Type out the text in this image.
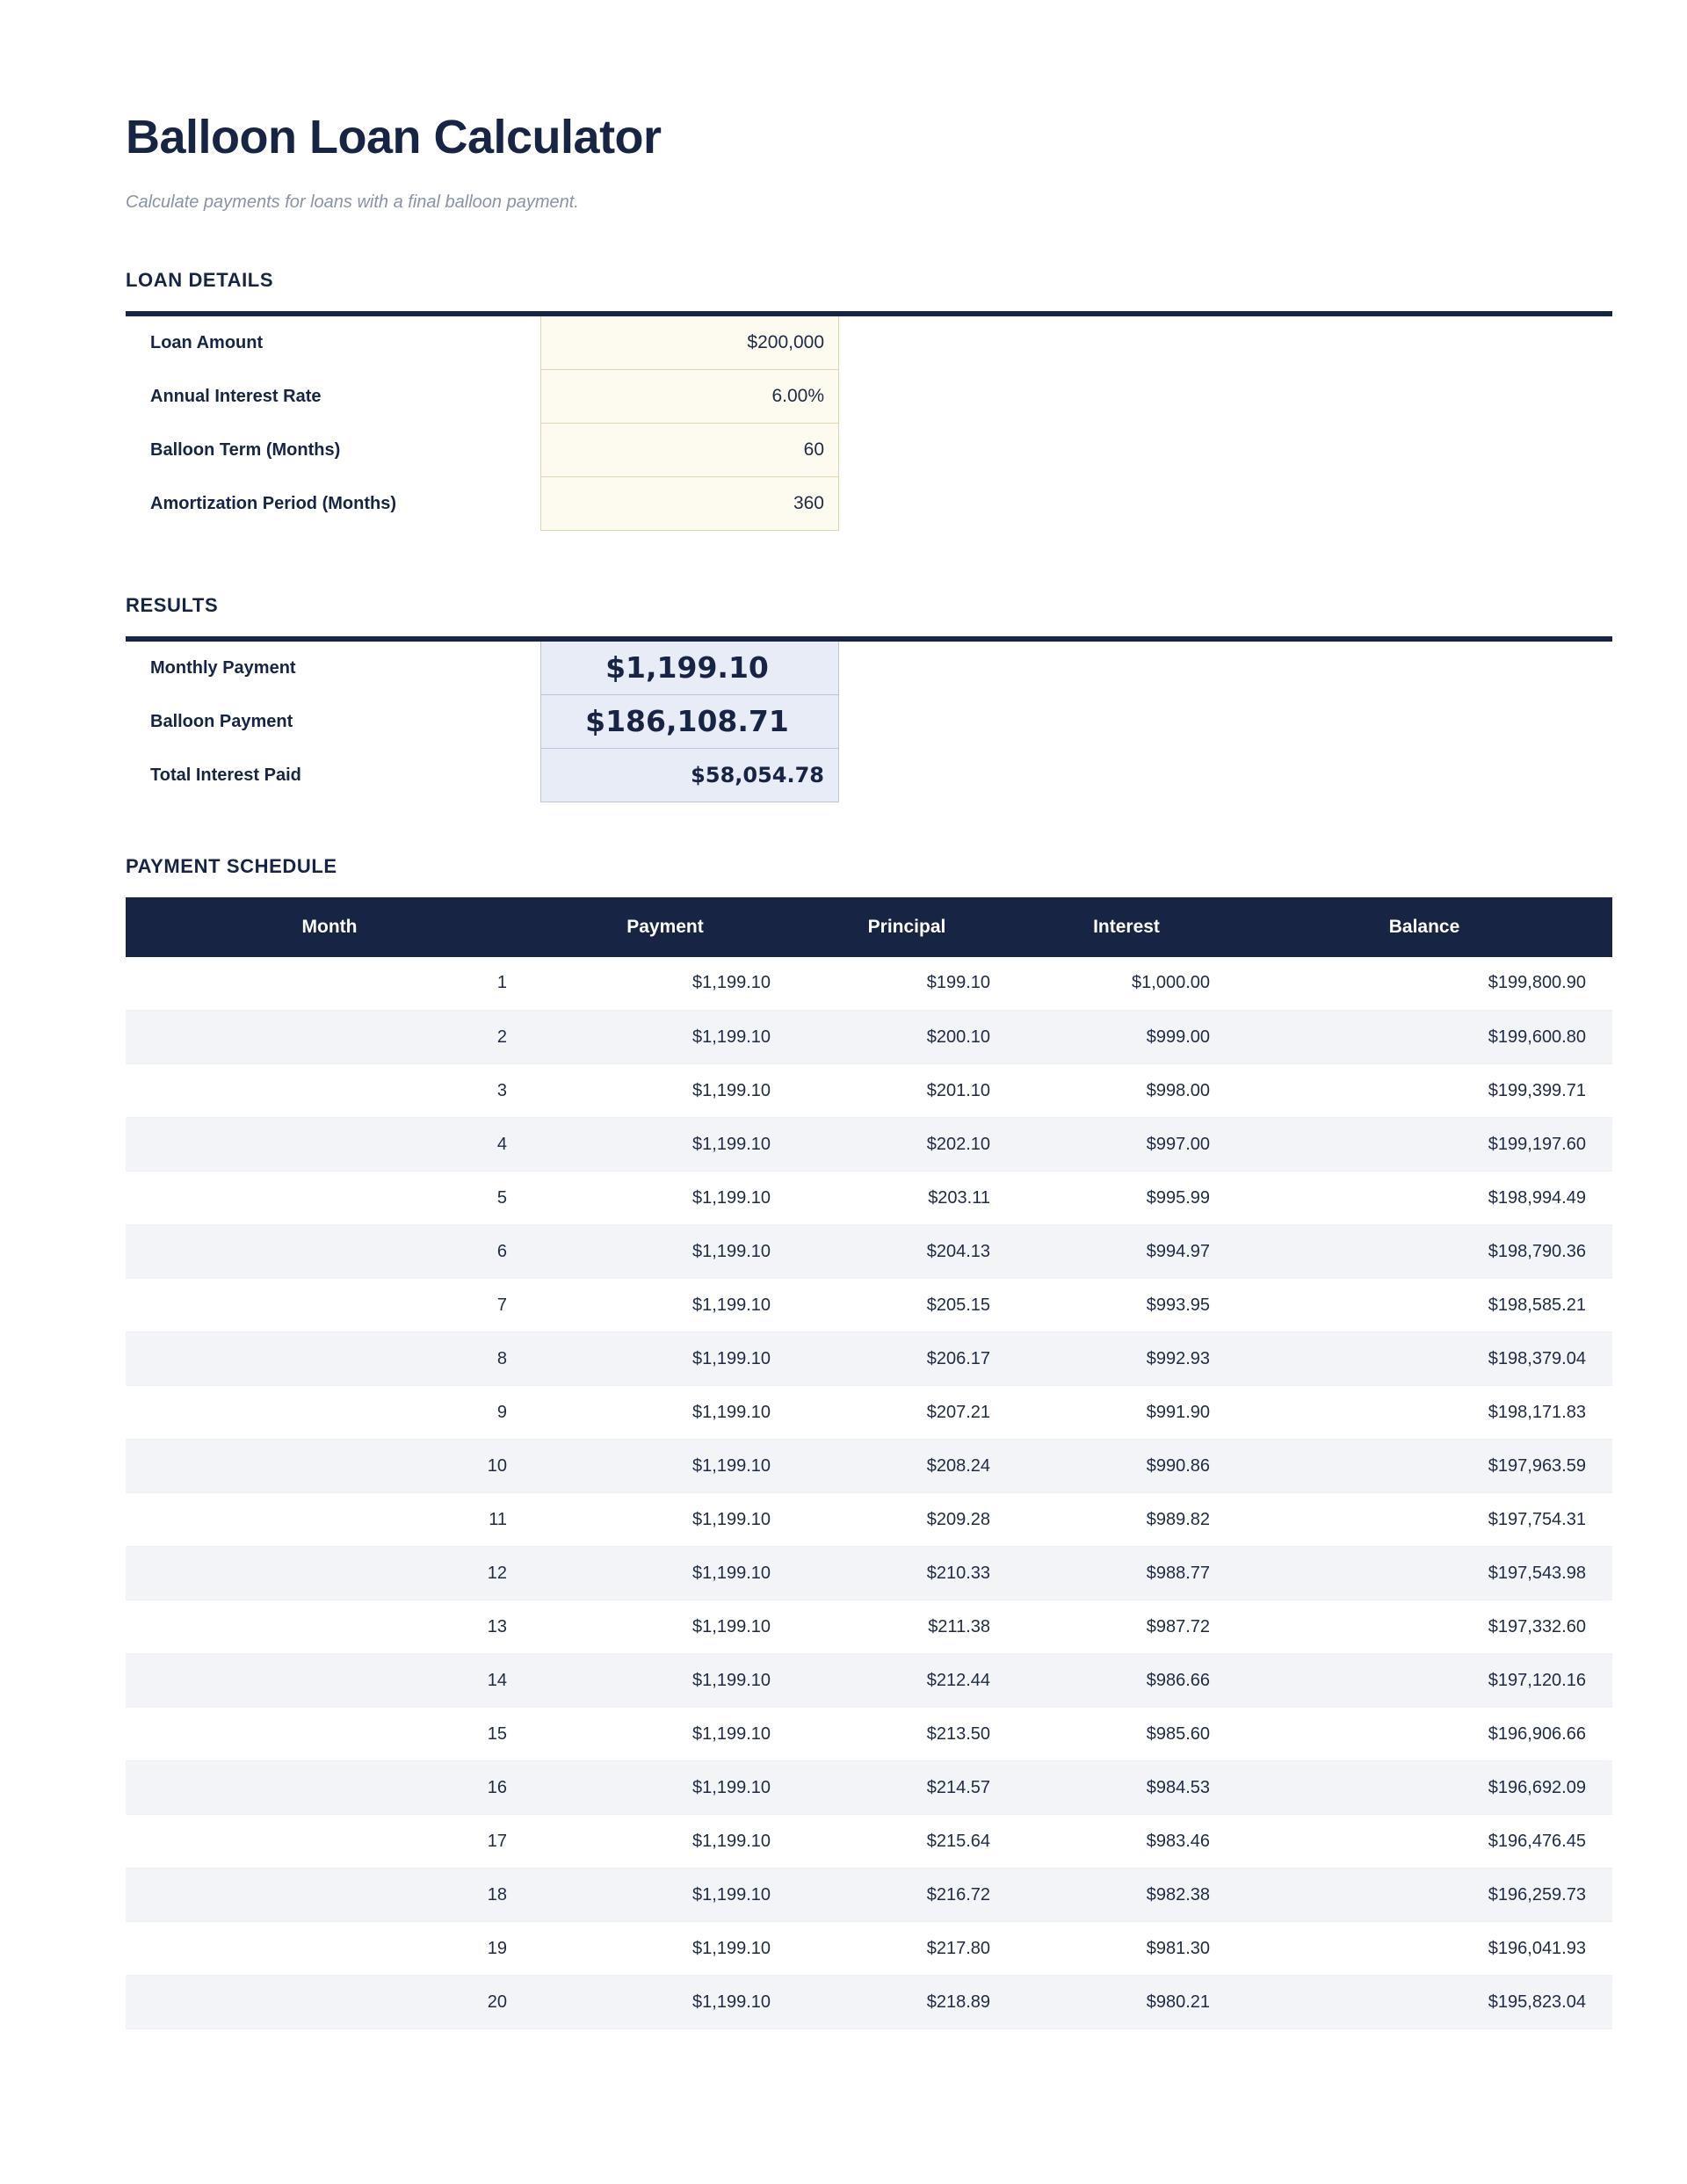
Balloon Loan Calculator

Calculate payments for loans with a final balloon payment.

LOAN DETAILS
Loan Amount	$200,000
Annual Interest Rate	6.00%
Balloon Term (Months)	60
Amortization Period (Months)	360
RESULTS
Monthly Payment	$1,199.10
Balloon Payment	$186,108.71
Total Interest Paid	$58,054.78
PAYMENT SCHEDULE
Month	Payment	Principal	Interest	Balance
1	$1,199.10	$199.10	$1,000.00	$199,800.90
2	$1,199.10	$200.10	$999.00	$199,600.80
3	$1,199.10	$201.10	$998.00	$199,399.71
4	$1,199.10	$202.10	$997.00	$199,197.60
5	$1,199.10	$203.11	$995.99	$198,994.49
6	$1,199.10	$204.13	$994.97	$198,790.36
7	$1,199.10	$205.15	$993.95	$198,585.21
8	$1,199.10	$206.17	$992.93	$198,379.04
9	$1,199.10	$207.21	$991.90	$198,171.83
10	$1,199.10	$208.24	$990.86	$197,963.59
11	$1,199.10	$209.28	$989.82	$197,754.31
12	$1,199.10	$210.33	$988.77	$197,543.98
13	$1,199.10	$211.38	$987.72	$197,332.60
14	$1,199.10	$212.44	$986.66	$197,120.16
15	$1,199.10	$213.50	$985.60	$196,906.66
16	$1,199.10	$214.57	$984.53	$196,692.09
17	$1,199.10	$215.64	$983.46	$196,476.45
18	$1,199.10	$216.72	$982.38	$196,259.73
19	$1,199.10	$217.80	$981.30	$196,041.93
20	$1,199.10	$218.89	$980.21	$195,823.04
